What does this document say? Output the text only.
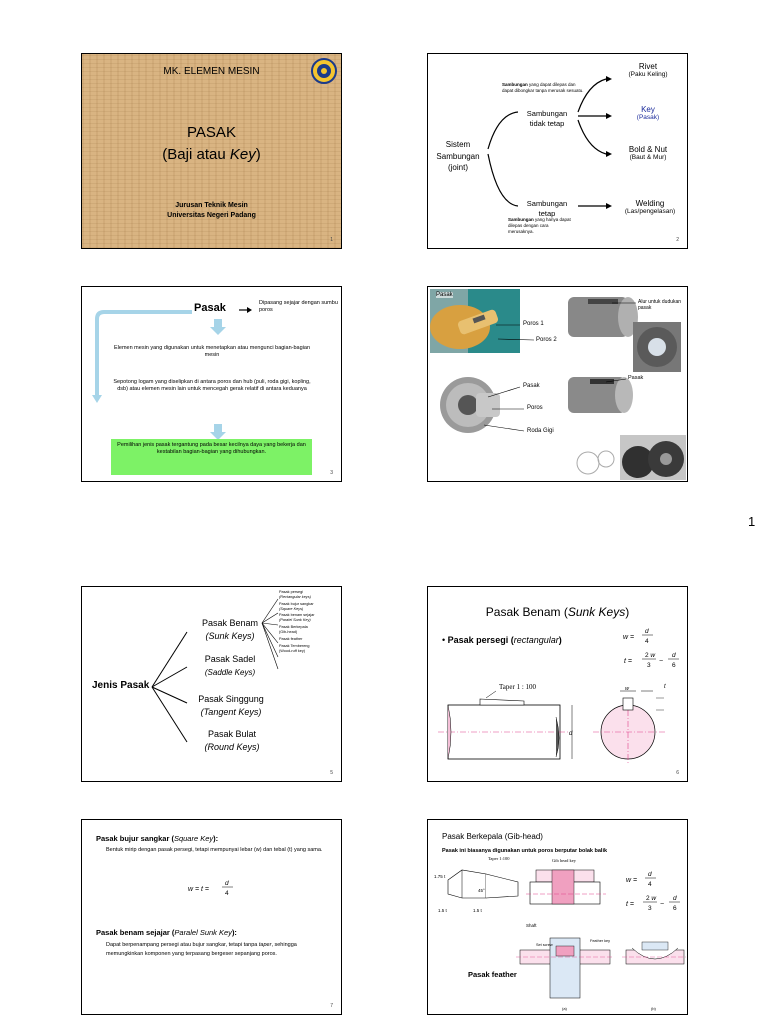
1
MK. ELEMEN MESIN
PASAK
(Baji atau Key)
Jurusan Teknik Mesin
Universitas Negeri Padang
1
Sistem
Sambungan
(joint)
Sambungan yang dapat dilepas dan dapat dibongkar tanpa merusak sesuatu.
Sambungan
tidak tetap
Sambungan
tetap
Sambungan yang hanya dapat dilepas dengan cara merusaknya.
Rivet
(Paku Keling)
Key
(Pasak)
Bold & Nut
(Baut & Mur)
Welding
(Las/pengelasan)
2
Pasak	Dipasang sejajar dengan sumbu poros
Elemen mesin yang digunakan untuk menetapkan atau mengunci bagian-bagian mesin
Sepotong logam yang diselipkan di antara poros dan hub (puli, roda gigi, kopling, dsb) atau elemen mesin lain untuk mencegah gerak relatif di antara keduanya
Pemilihan jenis pasak tergantung pada besar kecilnya daya yang bekerja dan kestabilan bagian-bagian yang dihubungkan.
3
Pasak
Poros 1
Poros 2
Alur untuk dudukan pasak
Pasak
Poros
Roda Gigi
Pasak
Jenis Pasak
Pasak Benam
(Sunk Keys)
Pasak Sadel
(Saddle Keys)
Pasak Singgung
(Tangent Keys)
Pasak Bulat
(Round Keys)
Pasak persegi
(Rectangular keys)
Pasak bujur sangkar
(Square Keys)
Pasak benam sejajar
(Paralel Sunk Key)
Pasak Berkepala
(Gib-head)
Pasak feather
Pasak Tembereng
(Wood-ruff key)
5
Pasak Benam (Sunk Keys)
• Pasak persegi (rectangular)	w =
d
4
t =
2 w
3
−
d
6
d
w	t
Taper 1 : 100
6
Pasak bujur sangkar (Square Key):
Bentuk mirip dengan pasak persegi, tetapi mempunyai lebar (w) dan tebal (t) yang sama.
w = t =
d
4
Pasak benam sejajar (Paralel Sunk Key):
Dapat berpenampang persegi atau bujur sangkar, tetapi tanpa taper, sehingga memungkinkan komponen yang terpasang bergeser sepanjang poros.
7
Pasak Berkepala (Gib-head)
Pasak ini biasanya digunakan untuk poros berputar bolak balik
45°
1.75 t
1.5 t	1.5 t
Shaft
w =
d
4
t =
2 w
3
−
d
6
Set screw
Feather key
Taper 1:100	Gib head key
Pasak feather
(a)	(b)
